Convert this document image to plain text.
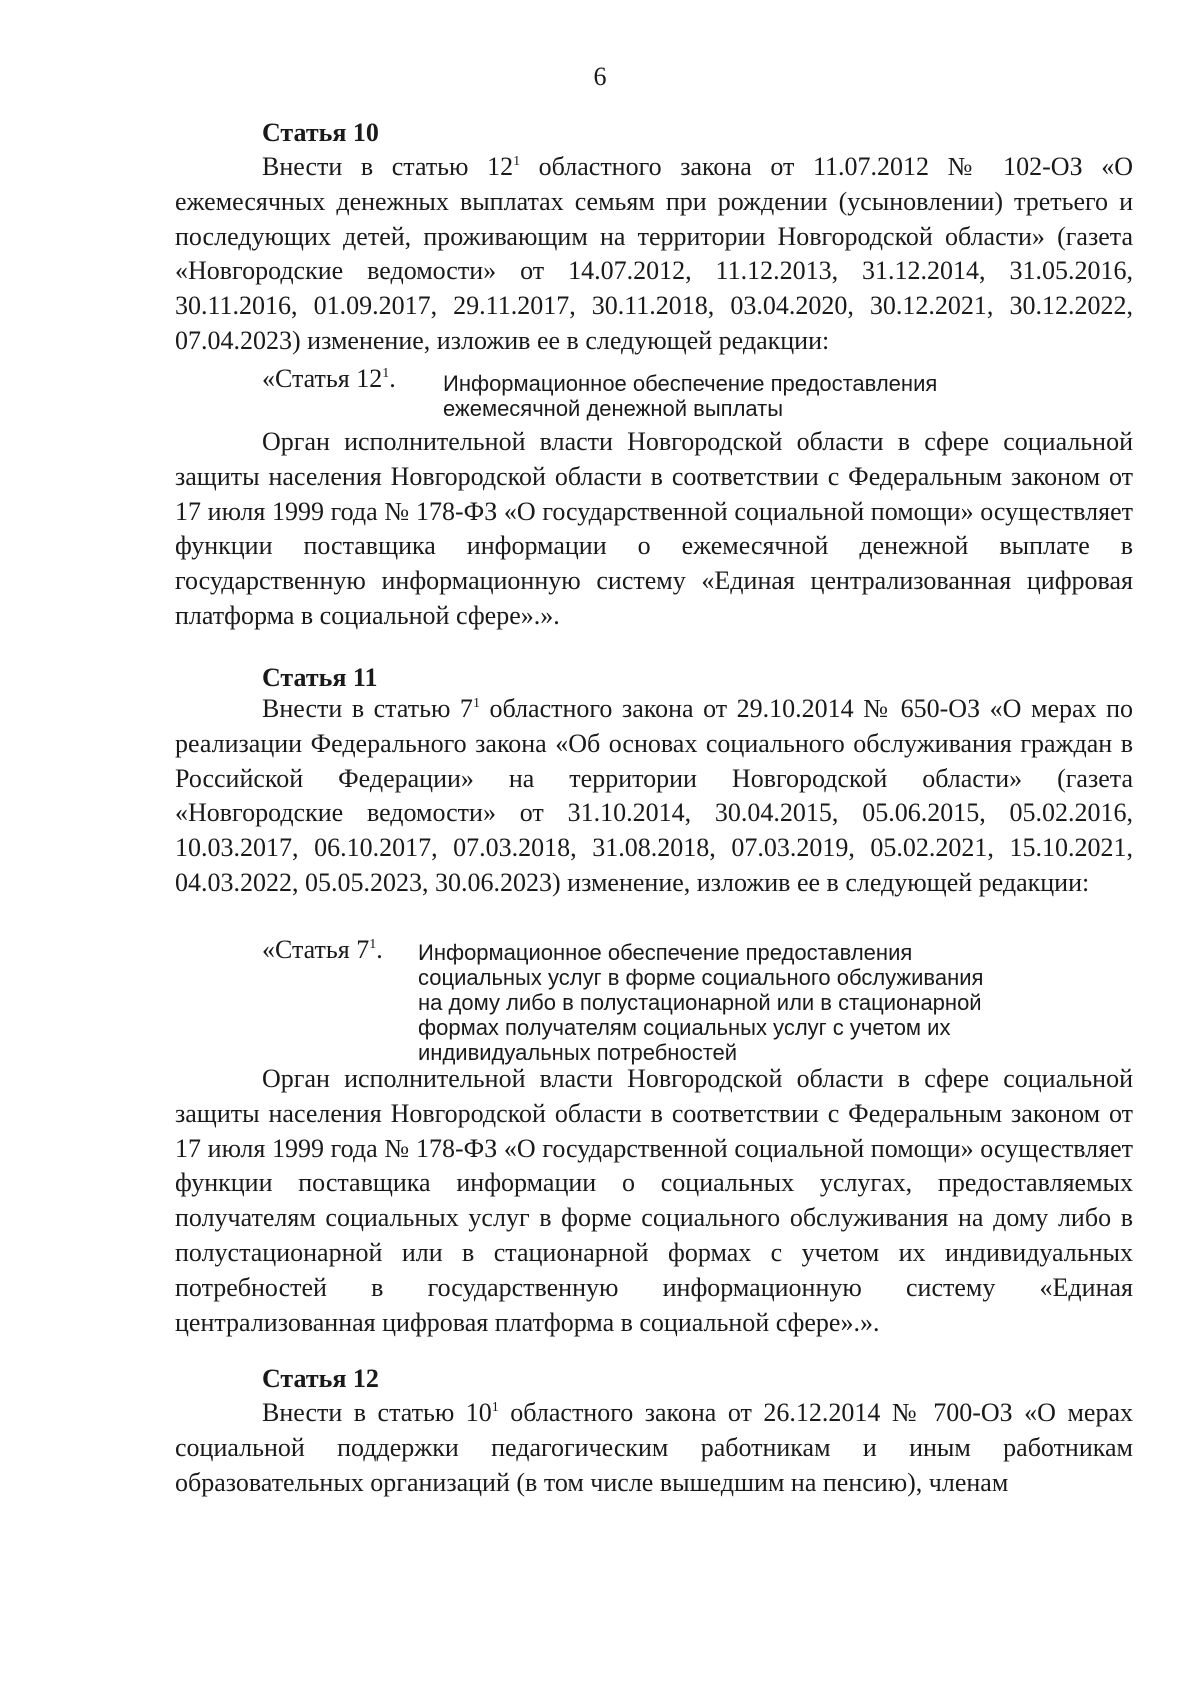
6
Статья 10

Внести в статью $12^1$ областного закона от 11.07.2012 № 102-ОЗ «О ежемесячных денежных выплатах семьям при рождении (усыновлении) третьего и последующих детей, проживающим на территории Новгородской области» (газета «Новгородские ведомости» от 14.07.2012, 11.12.2013, 31.12.2014, 31.05.2016, 30.11.2016, 01.09.2017, 29.11.2017, 30.11.2018, 03.04.2020, 30.12.2021, 30.12.2022, 07.04.2023) изменение, изложив ее в следующей редакции:

«Статья $12^1$. Информационное обеспечение предоставления
ежемесячной денежной выплаты

Орган исполнительной власти Новгородской области в сфере социальной защиты населения Новгородской области в соответствии с Федеральным законом от 17 июля 1999 года № 178-ФЗ «О государственной социальной помощи» осуществляет функции поставщика информации о ежемесячной денежной выплате в государственную информационную систему «Единая централизованная цифровая платформа в социальной сфере».».

Статья 11

Внести в статью $7^1$ областного закона от 29.10.2014 № 650-ОЗ «О мерах по реализации Федерального закона «Об основах социального обслуживания граждан в Российской Федерации» на территории Новгородской области» (газета «Новгородские ведомости» от 31.10.2014, 30.04.2015, 05.06.2015, 05.02.2016, 10.03.2017, 06.10.2017, 07.03.2018, 31.08.2018, 07.03.2019, 05.02.2021, 15.10.2021, 04.03.2022, 05.05.2023, 30.06.2023) изменение, изложив ее в следующей редакции:

«Статья $7^1$. Информационное обеспечение предоставления
социальных услуг в форме социального обслуживания
на дому либо в полустационарной или в стационарной
формах получателям социальных услуг с учетом их
индивидуальных потребностей

Орган исполнительной власти Новгородской области в сфере социальной защиты населения Новгородской области в соответствии с Федеральным законом от 17 июля 1999 года № 178-ФЗ «О государственной социальной помощи» осуществляет функции поставщика информации о социальных услугах, предоставляемых получателям социальных услуг в форме социального обслуживания на дому либо в полустационарной или в стационарной формах с учетом их индивидуальных потребностей в государственную информационную систему «Единая централизованная цифровая платформа в социальной сфере».».

Статья 12

Внести в статью $10^1$ областного закона от 26.12.2014 № 700-ОЗ «О мерах социальной поддержки педагогическим работникам и иным работникам образовательных организаций (в том числе вышедшим на пенсию), членам
